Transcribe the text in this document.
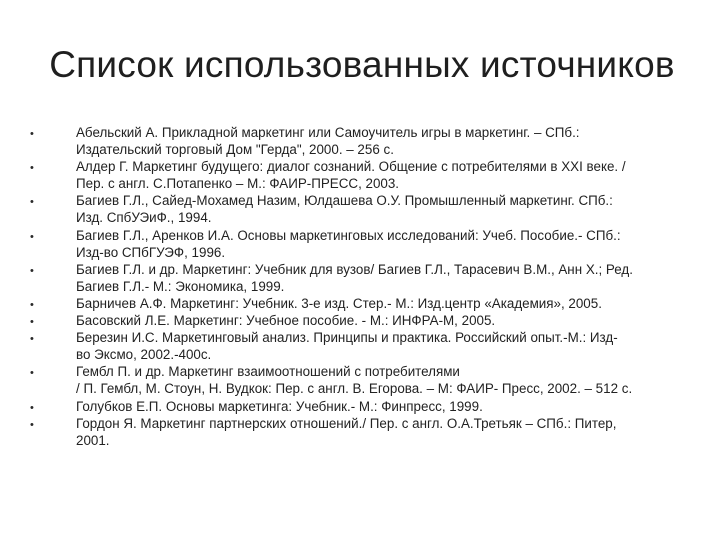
Список использованных источников
•	Абельский А. Прикладной маркетинг или Самоучитель игры в маркетинг. – СПб.:
Издательский торговый Дом "Герда", 2000. – 256 с.
•	Алдер Г. Маркетинг будущего: диалог сознаний. Общение с потребителями в XXI веке. /
Пер. с англ. С.Потапенко – М.: ФАИР-ПРЕСС, 2003.
•	Багиев Г.Л., Сайед-Мохамед Назим, Юлдашева О.У. Промышленный маркетинг. СПб.:
Изд. СпбУЭиФ., 1994.
•	Багиев Г.Л., Аренков И.А. Основы маркетинговых исследований: Учеб. Пособие.- СПб.:
Изд-во СПбГУЭФ, 1996.
•	Багиев Г.Л. и др. Маркетинг: Учебник для вузов/ Багиев Г.Л., Тарасевич В.М., Анн Х.; Ред.
Багиев Г.Л.- М.: Экономика, 1999.
•	Барничев А.Ф. Маркетинг: Учебник. 3-е изд. Стер.- М.: Изд.центр «Академия», 2005.
•	Басовский Л.Е. Маркетинг: Учебное пособие. - М.: ИНФРА-М, 2005.
•	Березин И.С. Маркетинговый анализ. Принципы и практика. Российский опыт.-М.: Изд-
во Эксмо, 2002.-400с.
•	Гембл П. и др. Маркетинг взаимоотношений с потребителями
/ П. Гембл, М. Стоун, Н. Вудкок: Пер. с англ. В. Егорова. – М: ФАИР- Пресс, 2002. – 512 с.
•	Голубков Е.П. Основы маркетинга: Учебник.- М.: Финпресс, 1999.
•	Гордон Я. Маркетинг партнерских отношений./ Пер. с англ. О.А.Третьяк – СПб.: Питер,
2001.
